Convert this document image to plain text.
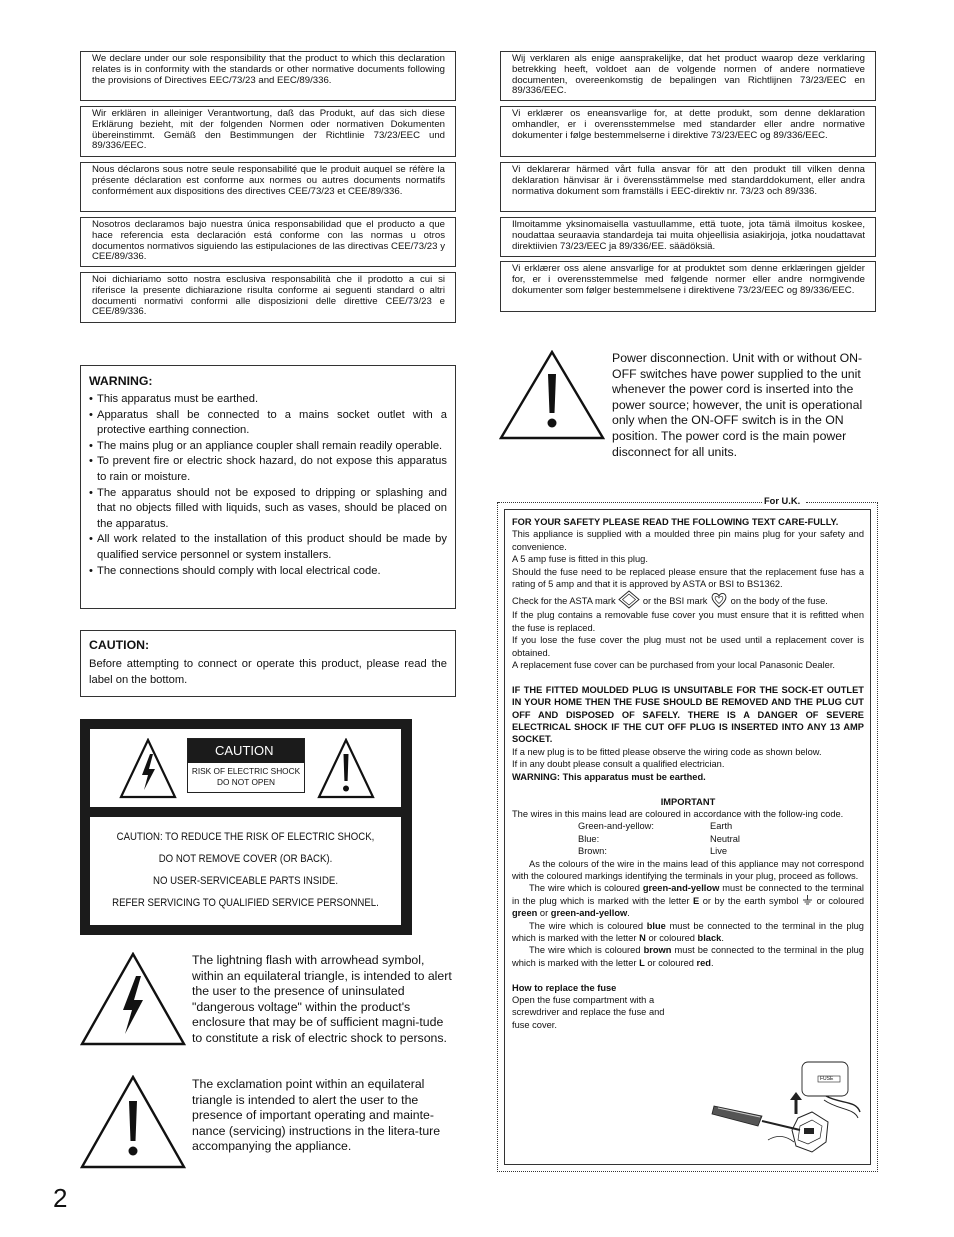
We declare under our sole responsibility that the product to which this declaration relates is in conformity with the standards or other normative documents following the provisions of Directives EEC/73/23 and EEC/89/336.
Wir erklären in alleiniger Verantwortung, daß das Produkt, auf das sich diese Erklärung bezieht, mit der folgenden Normen oder normativen Dokumenten übereinstimmt. Gemäß den Bestimmungen der Richtlinie 73/23/EEC und 89/336/EEC.
Nous déclarons sous notre seule responsabilité que le produit auquel se réfère la présente déclaration est conforme aux normes ou autres documents normatifs conformément aux dispositions des directives CEE/73/23 et CEE/89/336.
Nosotros declaramos bajo nuestra única responsabilidad que el producto a que hace referencia esta declaración está conforme con las normas u otros documentos normativos siguiendo las estipulaciones de las directivas CEE/73/23 y CEE/89/336.
Noi dichiariamo sotto nostra esclusiva responsabilità che il prodotto a cui si riferisce la presente dichiarazione risulta conforme ai seguenti standard o altri documenti normativi conformi alle disposizioni delle direttive CEE/73/23 e CEE/89/336.
Wij verklaren als enige aansprakelijke, dat het product waarop deze verklaring betrekking heeft, voldoet aan de volgende normen of andere normatieve documenten, overeenkomstig de bepalingen van Richtlijnen 73/23/EEC en 89/336/EEC.
Vi erklærer os eneansvarlige for, at dette produkt, som denne deklaration omhandler, er i overensstemmelse med standarder eller andre normative dokumenter i følge bestemmelserne i direktive 73/23/EEC og 89/336/EEC.
Vi deklarerar härmed vårt fulla ansvar för att den produkt till vilken denna deklaration hänvisar är i överensstämmelse med standarddokument, eller andra normativa dokument som framställs i EEC-direktiv nr. 73/23 och 89/336.
Ilmoitamme yksinomaisella vastuullamme, että tuote, jota tämä ilmoitus koskee, noudattaa seuraavia standardeja tai muita ohjeellisia asiakirjoja, jotka noudattavat direktiivien 73/23/EEC ja 89/336/EE. säädöksiä.
Vi erklærer oss alene ansvarlige for at produktet som denne erklæringen gjelder for, er i overensstemmelse med følgende normer eller andre normgivende dokumenter som følger bestemmelsene i direktivene 73/23/EEC og 89/336/EEC.
WARNING:
• This apparatus must be earthed.
• Apparatus shall be connected to a mains socket outlet with a protective earthing connection.
• The mains plug or an appliance coupler shall remain readily operable.
• To prevent fire or electric shock hazard, do not expose this apparatus to rain or moisture.
• The apparatus should not be exposed to dripping or splashing and that no objects filled with liquids, such as vases, should be placed on the apparatus.
• All work related to the installation of this product should be made by qualified service personnel or system installers.
• The connections should comply with local electrical code.
CAUTION:
Before attempting to connect or operate this product, please read the label on the bottom.
CAUTION
RISK OF ELECTRIC SHOCK
DO NOT OPEN
CAUTION: TO REDUCE THE RISK OF ELECTRIC SHOCK,
DO NOT REMOVE COVER (OR BACK).
NO USER-SERVICEABLE PARTS INSIDE.
REFER SERVICING TO QUALIFIED SERVICE PERSONNEL.
The lightning flash with arrowhead symbol, within an equilateral triangle, is intended to alert the user to the presence of uninsulated "dangerous voltage" within the product's enclosure that may be of sufficient magni-tude to constitute a risk of electric shock to persons.
The exclamation point within an equilateral triangle is intended to alert the user to the presence of important operating and mainte-nance (servicing) instructions in the litera-ture accompanying the appliance.
Power disconnection. Unit with or without ON-OFF switches have power supplied to the unit whenever the power cord is inserted into the power source; however, the unit is operational only when the ON-OFF switch is in the ON position. The power cord is the main power disconnect for all units.
For U.K.

FOR YOUR SAFETY PLEASE READ THE FOLLOWING TEXT CARE-FULLY.

This appliance is supplied with a moulded three pin mains plug for your safety and convenience.

A 5 amp fuse is fitted in this plug.

Should the fuse need to be replaced please ensure that the replacement fuse has a rating of 5 amp and that it is approved by ASTA or BSI to BS1362.

Check for the ASTA mark	or the BSI mark on the body of the fuse.

If the plug contains a removable fuse cover you must ensure that it is refitted when the fuse is replaced.

If you lose the fuse cover the plug must not be used until a replacement cover is obtained.

A replacement fuse cover can be purchased from your local Panasonic Dealer.

IF THE FITTED MOULDED PLUG IS UNSUITABLE FOR THE SOCK-ET OUTLET IN YOUR HOME THEN THE FUSE SHOULD BE REMOVED AND THE PLUG CUT OFF AND DISPOSED OF SAFELY. THERE IS A DANGER OF SEVERE ELECTRICAL SHOCK IF THE CUT OFF PLUG IS INSERTED INTO ANY 13 AMP SOCKET.

If a new plug is to be fitted please observe the wiring code as shown below.

If in any doubt please consult a qualified electrician.

WARNING: This apparatus must be earthed.

IMPORTANT

The wires in this mains lead are coloured in accordance with the follow-ing code.

Green-and-yellow:	Earth
Blue:	Neutral
Brown:	Live

As the colours of the wire in the mains lead of this appliance may not correspond with the coloured markings identifying the terminals in your plug, proceed as follows.

The wire which is coloured green-and-yellow must be connected to the terminal in the plug which is marked with the letter E or by the earth symbol or coloured green or green-and-yellow.

The wire which is coloured blue must be connected to the terminal in the plug which is marked with the letter N or coloured black.

The wire which is coloured brown must be connected to the terminal in the plug which is marked with the letter L or coloured red.

How to replace the fuse

Open the fuse compartment with a screwdriver and replace the fuse and fuse cover.

FUSE
2
